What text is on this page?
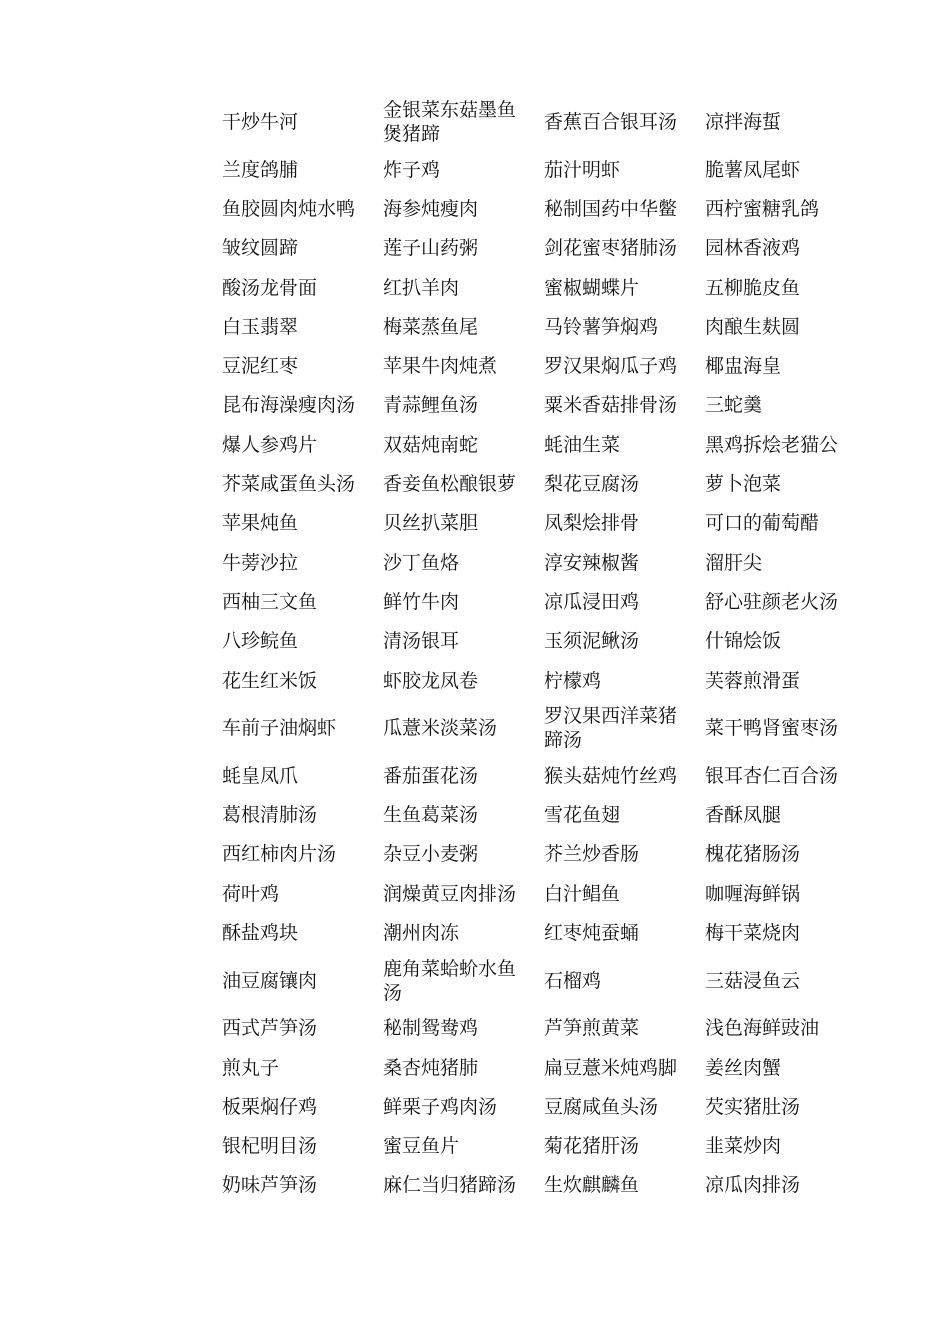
干炒牛河	金银菜东菇墨鱼煲猪蹄	香蕉百合银耳汤	凉拌海蜇
兰度鸽脯	炸子鸡	茄汁明虾	脆薯凤尾虾
鱼胶圆肉炖水鸭	海参炖瘦肉	秘制国药中华鳖	西柠蜜糖乳鸽
皱纹圆蹄	莲子山药粥	剑花蜜枣猪肺汤	园林香液鸡
酸汤龙骨面	红扒羊肉	蜜椒蝴蝶片	五柳脆皮鱼
白玉翡翠	梅菜蒸鱼尾	马铃薯笋焖鸡	肉酿生麸圆
豆泥红枣	苹果牛肉炖煮	罗汉果焖瓜子鸡	椰盅海皇
昆布海澡瘦肉汤	青蒜鲤鱼汤	粟米香菇排骨汤	三蛇羹
爆人参鸡片	双菇炖南蛇	蚝油生菜	黑鸡拆烩老猫公
芥菜咸蛋鱼头汤	香妾鱼松酿银萝	梨花豆腐汤	萝卜泡菜
苹果炖鱼	贝丝扒菜胆	凤梨烩排骨	可口的葡萄醋
牛蒡沙拉	沙丁鱼烙	淳安辣椒酱	溜肝尖
西柚三文鱼	鲜竹牛肉	凉瓜浸田鸡	舒心驻颜老火汤
八珍鲩鱼	清汤银耳	玉须泥鳅汤	什锦烩饭
花生红米饭	虾胶龙凤卷	柠檬鸡	芙蓉煎滑蛋
车前子油焖虾	瓜薏米淡菜汤	罗汉果西洋菜猪蹄汤	菜干鸭肾蜜枣汤
蚝皇凤爪	番茄蛋花汤	猴头菇炖竹丝鸡	银耳杏仁百合汤
葛根清肺汤	生鱼葛菜汤	雪花鱼翅	香酥凤腿
西红柿肉片汤	杂豆小麦粥	芥兰炒香肠	槐花猪肠汤
荷叶鸡	润燥黄豆肉排汤	白汁鲳鱼	咖喱海鲜锅
酥盐鸡块	潮州肉冻	红枣炖蚕蛹	梅干菜烧肉
油豆腐镶肉	鹿角菜蛤蚧水鱼汤	石榴鸡	三菇浸鱼云
西式芦笋汤	秘制鸳鸯鸡	芦笋煎黄菜	浅色海鲜豉油
煎丸子	桑杏炖猪肺	扁豆薏米炖鸡脚	姜丝肉蟹
板栗焖仔鸡	鲜栗子鸡肉汤	豆腐咸鱼头汤	芡实猪肚汤
银杞明目汤	蜜豆鱼片	菊花猪肝汤	韭菜炒肉
奶味芦笋汤	麻仁当归猪蹄汤	生炊麒麟鱼	凉瓜肉排汤
